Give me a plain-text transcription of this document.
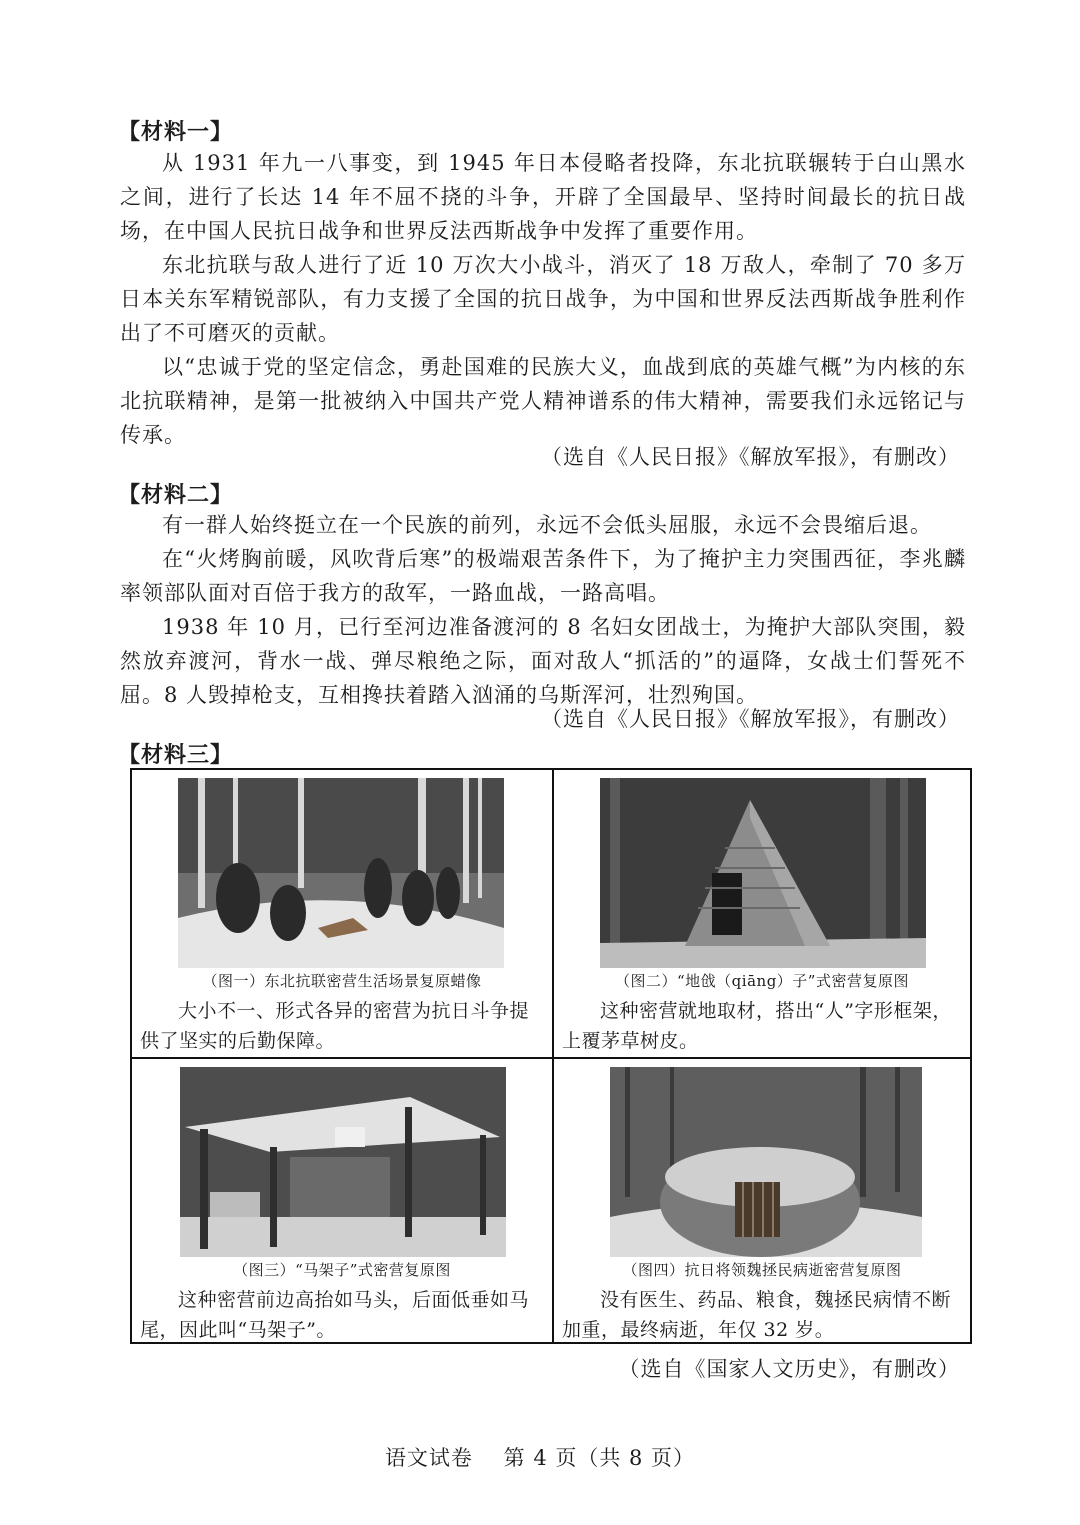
【材料一】

从 1931 年九一八事变，到 1945 年日本侵略者投降，东北抗联辗转于白山黑水之间，进行了长达 14 年不屈不挠的斗争，开辟了全国最早、坚持时间最长的抗日战场，在中国人民抗日战争和世界反法西斯战争中发挥了重要作用。

东北抗联与敌人进行了近 10 万次大小战斗，消灭了 18 万敌人，牵制了 70 多万日本关东军精锐部队，有力支援了全国的抗日战争，为中国和世界反法西斯战争胜利作出了不可磨灭的贡献。

以“忠诚于党的坚定信念，勇赴国难的民族大义，血战到底的英雄气概”为内核的东北抗联精神，是第一批被纳入中国共产党人精神谱系的伟大精神，需要我们永远铭记与传承。

（选自《人民日报》《解放军报》，有删改）
【材料二】

有一群人始终挺立在一个民族的前列，永远不会低头屈服，永远不会畏缩后退。

在“火烤胸前暖，风吹背后寒”的极端艰苦条件下，为了掩护主力突围西征，李兆麟率领部队面对百倍于我方的敌军，一路血战，一路高唱。

1938 年 10 月，已行至河边准备渡河的 8 名妇女团战士，为掩护大部队突围，毅然放弃渡河，背水一战、弹尽粮绝之际，面对敌人“抓活的”的逼降，女战士们誓死不屈。8 人毁掉枪支，互相搀扶着踏入汹涌的乌斯浑河，壮烈殉国。

（选自《人民日报》《解放军报》，有删改）
【材料三】
（图一）东北抗联密营生活场景复原蜡像

大小不一、形式各异的密营为抗日斗争提供了坚实的后勤保障。

（图二）“地戗（qiāng）子”式密营复原图

这种密营就地取材，搭出“人”字形框架，上覆茅草树皮。

（图三）“马架子”式密营复原图

这种密营前边高抬如马头，后面低垂如马尾，因此叫“马架子”。

（图四）抗日将领魏拯民病逝密营复原图

没有医生、药品、粮食，魏拯民病情不断加重，最终病逝，年仅 32 岁。

（选自《国家人文历史》，有删改）
语文试卷    第 4 页（共 8 页）
